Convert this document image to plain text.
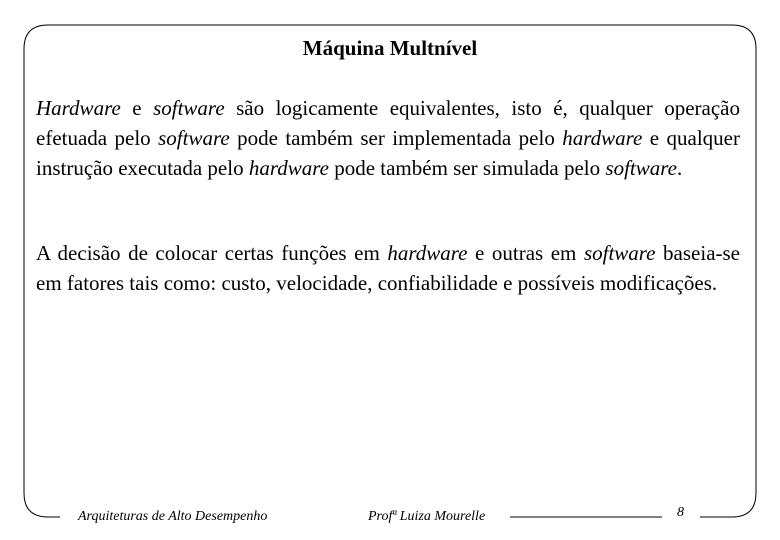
Máquina Multnível

Hardware e software são logicamente equivalentes, isto é, qualquer operação efetuada pelo software pode também ser implementada pelo hardware e qualquer instrução executada pelo hardware pode também ser simulada pelo software.

A decisão de colocar certas funções em hardware e outras em software baseia-se em fatores tais como: custo, velocidade, confiabilidade e possíveis modificações.

Arquiteturas de Alto Desempenho	Profª Luiza Mourelle	8
